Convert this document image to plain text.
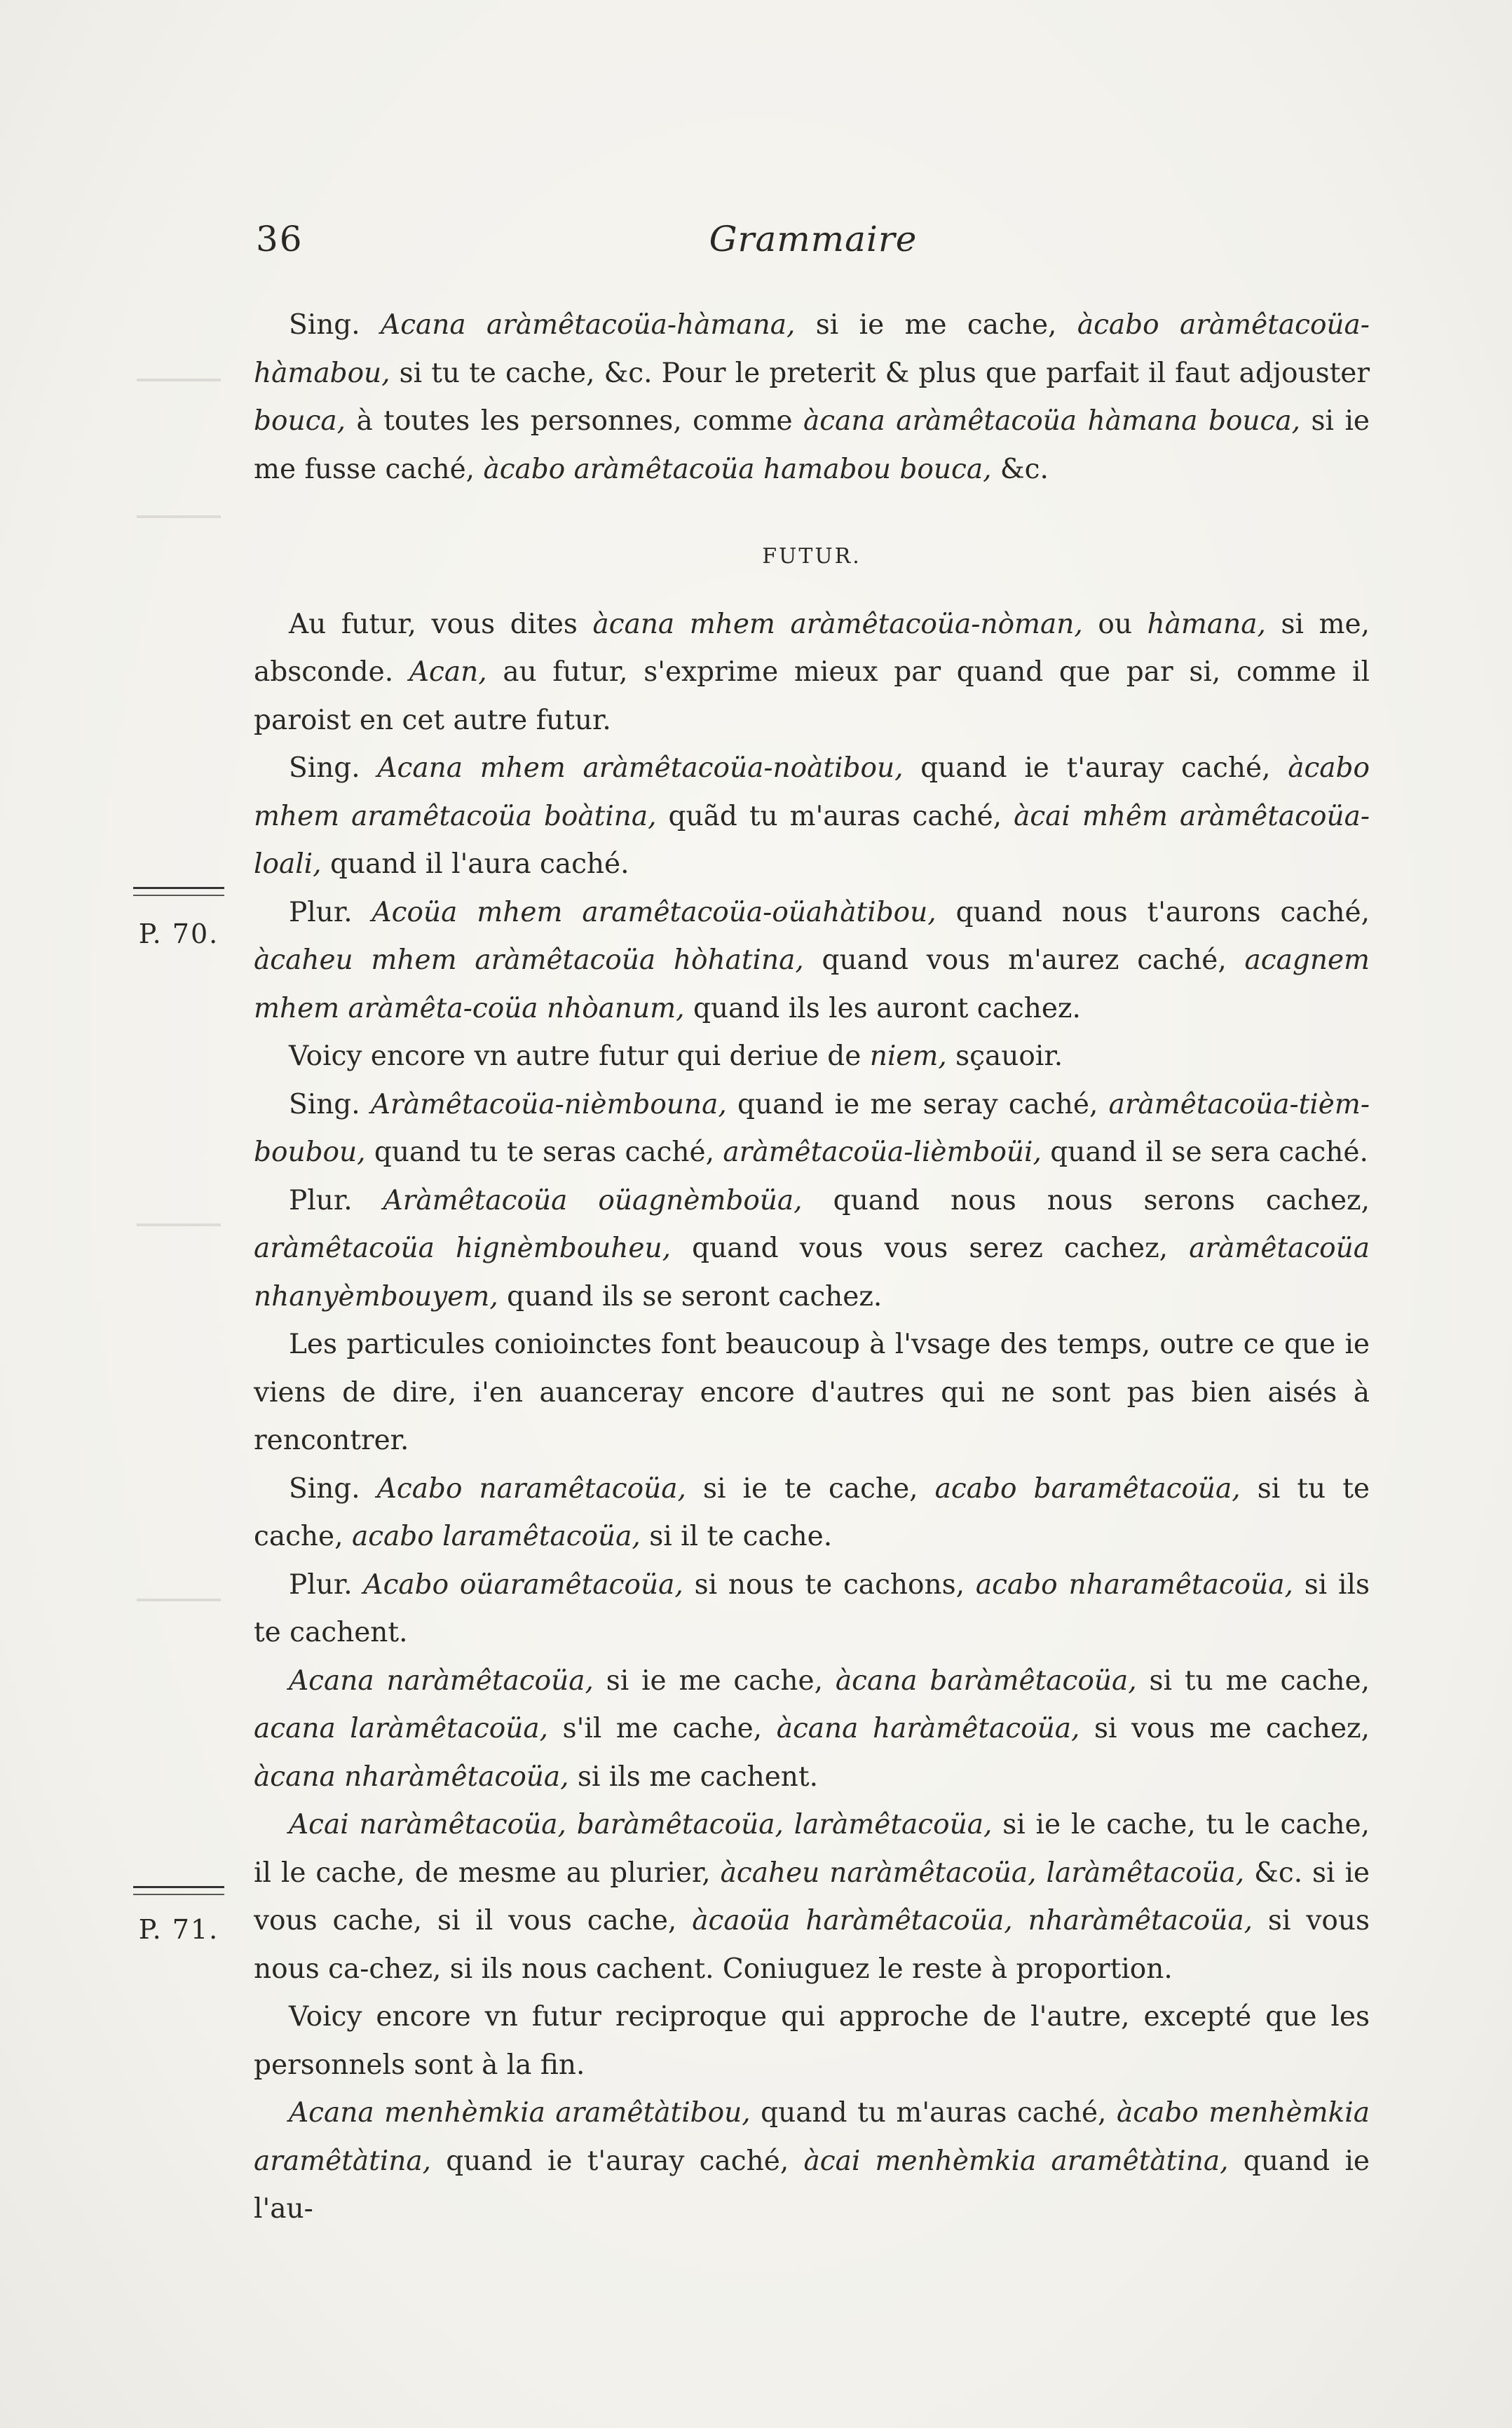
36	Grammaire
P. 70.
P. 71.

Sing. Acana aràmêtacoüa-hàmana, si ie me cache, àcabo aràmêtacoüa-hàmabou, si tu te cache, &c. Pour le preterit & plus que parfait il faut adjouster bouca, à toutes les personnes, comme àcana aràmêtacoüa hàmana bouca, si ie me fusse caché, àcabo aràmêtacoüa hamabou bouca, &c.

FUTUR.

Au futur, vous dites àcana mhem aràmêtacoüa-nòman, ou hàmana, si me, absconde. Acan, au futur, s'exprime mieux par quand que par si, comme il paroist en cet autre futur.

Sing. Acana mhem aràmêtacoüa-noàtibou, quand ie t'auray caché, àcabo mhem aramêtacoüa boàtina, quãd tu m'auras caché, àcai mhêm aràmêtacoüa-loali, quand il l'aura caché.

Plur. Acoüa mhem aramêtacoüa-oüahàtibou, quand nous t'aurons caché, àcaheu mhem aràmêtacoüa hòhatina, quand vous m'aurez caché, acagnem mhem aràmêta-coüa nhòanum, quand ils les auront cachez.

Voicy encore vn autre futur qui deriue de niem, sçauoir.

Sing. Aràmêtacoüa-nièmbouna, quand ie me seray caché, aràmêtacoüa-tièm-boubou, quand tu te seras caché, aràmêtacoüa-lièmboüi, quand il se sera caché.

Plur. Aràmêtacoüa oüagnèmboüa, quand nous nous serons cachez, aràmêtacoüa hignèmbouheu, quand vous vous serez cachez, aràmêtacoüa nhanyèmbouyem, quand ils se seront cachez.

Les particules conioinctes font beaucoup à l'vsage des temps, outre ce que ie viens de dire, i'en auanceray encore d'autres qui ne sont pas bien aisés à rencontrer.

Sing. Acabo naramêtacoüa, si ie te cache, acabo baramêtacoüa, si tu te cache, acabo laramêtacoüa, si il te cache.

Plur. Acabo oüaramêtacoüa, si nous te cachons, acabo nharamêtacoüa, si ils te cachent.

Acana naràmêtacoüa, si ie me cache, àcana baràmêtacoüa, si tu me cache, acana laràmêtacoüa, s'il me cache, àcana haràmêtacoüa, si vous me cachez, àcana nharàmêtacoüa, si ils me cachent.

Acai naràmêtacoüa, baràmêtacoüa, laràmêtacoüa, si ie le cache, tu le cache, il le cache, de mesme au plurier, àcaheu naràmêtacoüa, laràmêtacoüa, &c. si ie vous cache, si il vous cache, àcaoüa haràmêtacoüa, nharàmêtacoüa, si vous nous ca-chez, si ils nous cachent. Coniuguez le reste à proportion.

Voicy encore vn futur reciproque qui approche de l'autre, excepté que les personnels sont à la fin.

Acana menhèmkia aramêtàtibou, quand tu m'auras caché, àcabo menhèmkia aramêtàtina, quand ie t'auray caché, àcai menhèmkia aramêtàtina, quand ie l'au-
